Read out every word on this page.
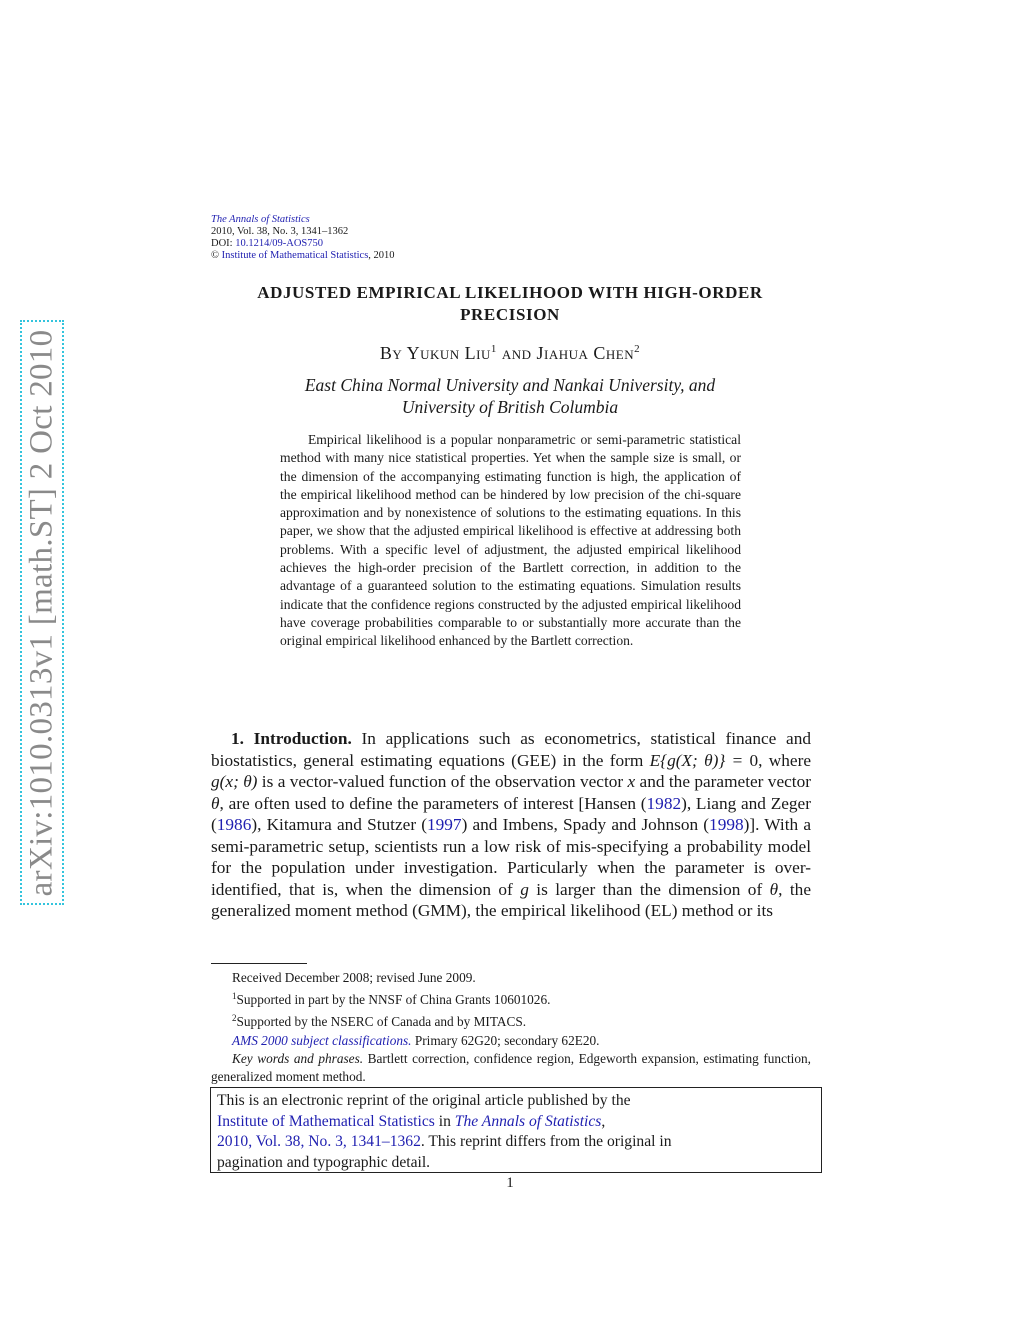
arXiv:1010.0313v1 [math.ST] 2 Oct 2010
The Annals of Statistics
2010, Vol. 38, No. 3, 1341–1362
DOI: 10.1214/09-AOS750
© Institute of Mathematical Statistics, 2010
ADJUSTED EMPIRICAL LIKELIHOOD WITH HIGH-ORDER
PRECISION
By Yukun Liu$^1$ and Jiahua Chen$^2$
East China Normal University and Nankai University, and
University of British Columbia

Empirical likelihood is a popular nonparametric or semi-parametric statistical method with many nice statistical properties. Yet when the sample size is small, or the dimension of the accompanying estimating function is high, the application of the empirical likelihood method can be hindered by low precision of the chi-square approximation and by nonexistence of solutions to the estimating equations. In this paper, we show that the adjusted empirical likelihood is effective at addressing both problems. With a specific level of adjustment, the adjusted empirical likelihood achieves the high-order precision of the Bartlett correction, in addition to the advantage of a guaranteed solution to the estimating equations. Simulation results indicate that the confidence regions constructed by the adjusted empirical likelihood have coverage probabilities comparable to or substantially more accurate than the original empirical likelihood enhanced by the Bartlett correction.

1. Introduction. In applications such as econometrics, statistical finance and biostatistics, general estimating equations (GEE) in the form E{g(X; θ)} = 0, where g(x; θ) is a vector-valued function of the observation vector x and the parameter vector θ, are often used to define the parameters of interest [Hansen (1982), Liang and Zeger (1986), Kitamura and Stutzer (1997) and Imbens, Spady and Johnson (1998)]. With a semi-parametric setup, scientists run a low risk of mis-specifying a probability model for the population under investigation. Particularly when the parameter is over-identified, that is, when the dimension of g is larger than the dimension of θ, the generalized moment method (GMM), the empirical likelihood (EL) method or its

Received December 2008; revised June 2009.
$^1$Supported in part by the NNSF of China Grants 10601026.
$^2$Supported by the NSERC of Canada and by MITACS.
AMS 2000 subject classifications. Primary 62G20; secondary 62E20.
Key words and phrases. Bartlett correction, confidence region, Edgeworth expansion, estimating function, generalized moment method.
This is an electronic reprint of the original article published by the
Institute of Mathematical Statistics in The Annals of Statistics,
2010, Vol. 38, No. 3, 1341–1362. This reprint differs from the original in
pagination and typographic detail.
1
